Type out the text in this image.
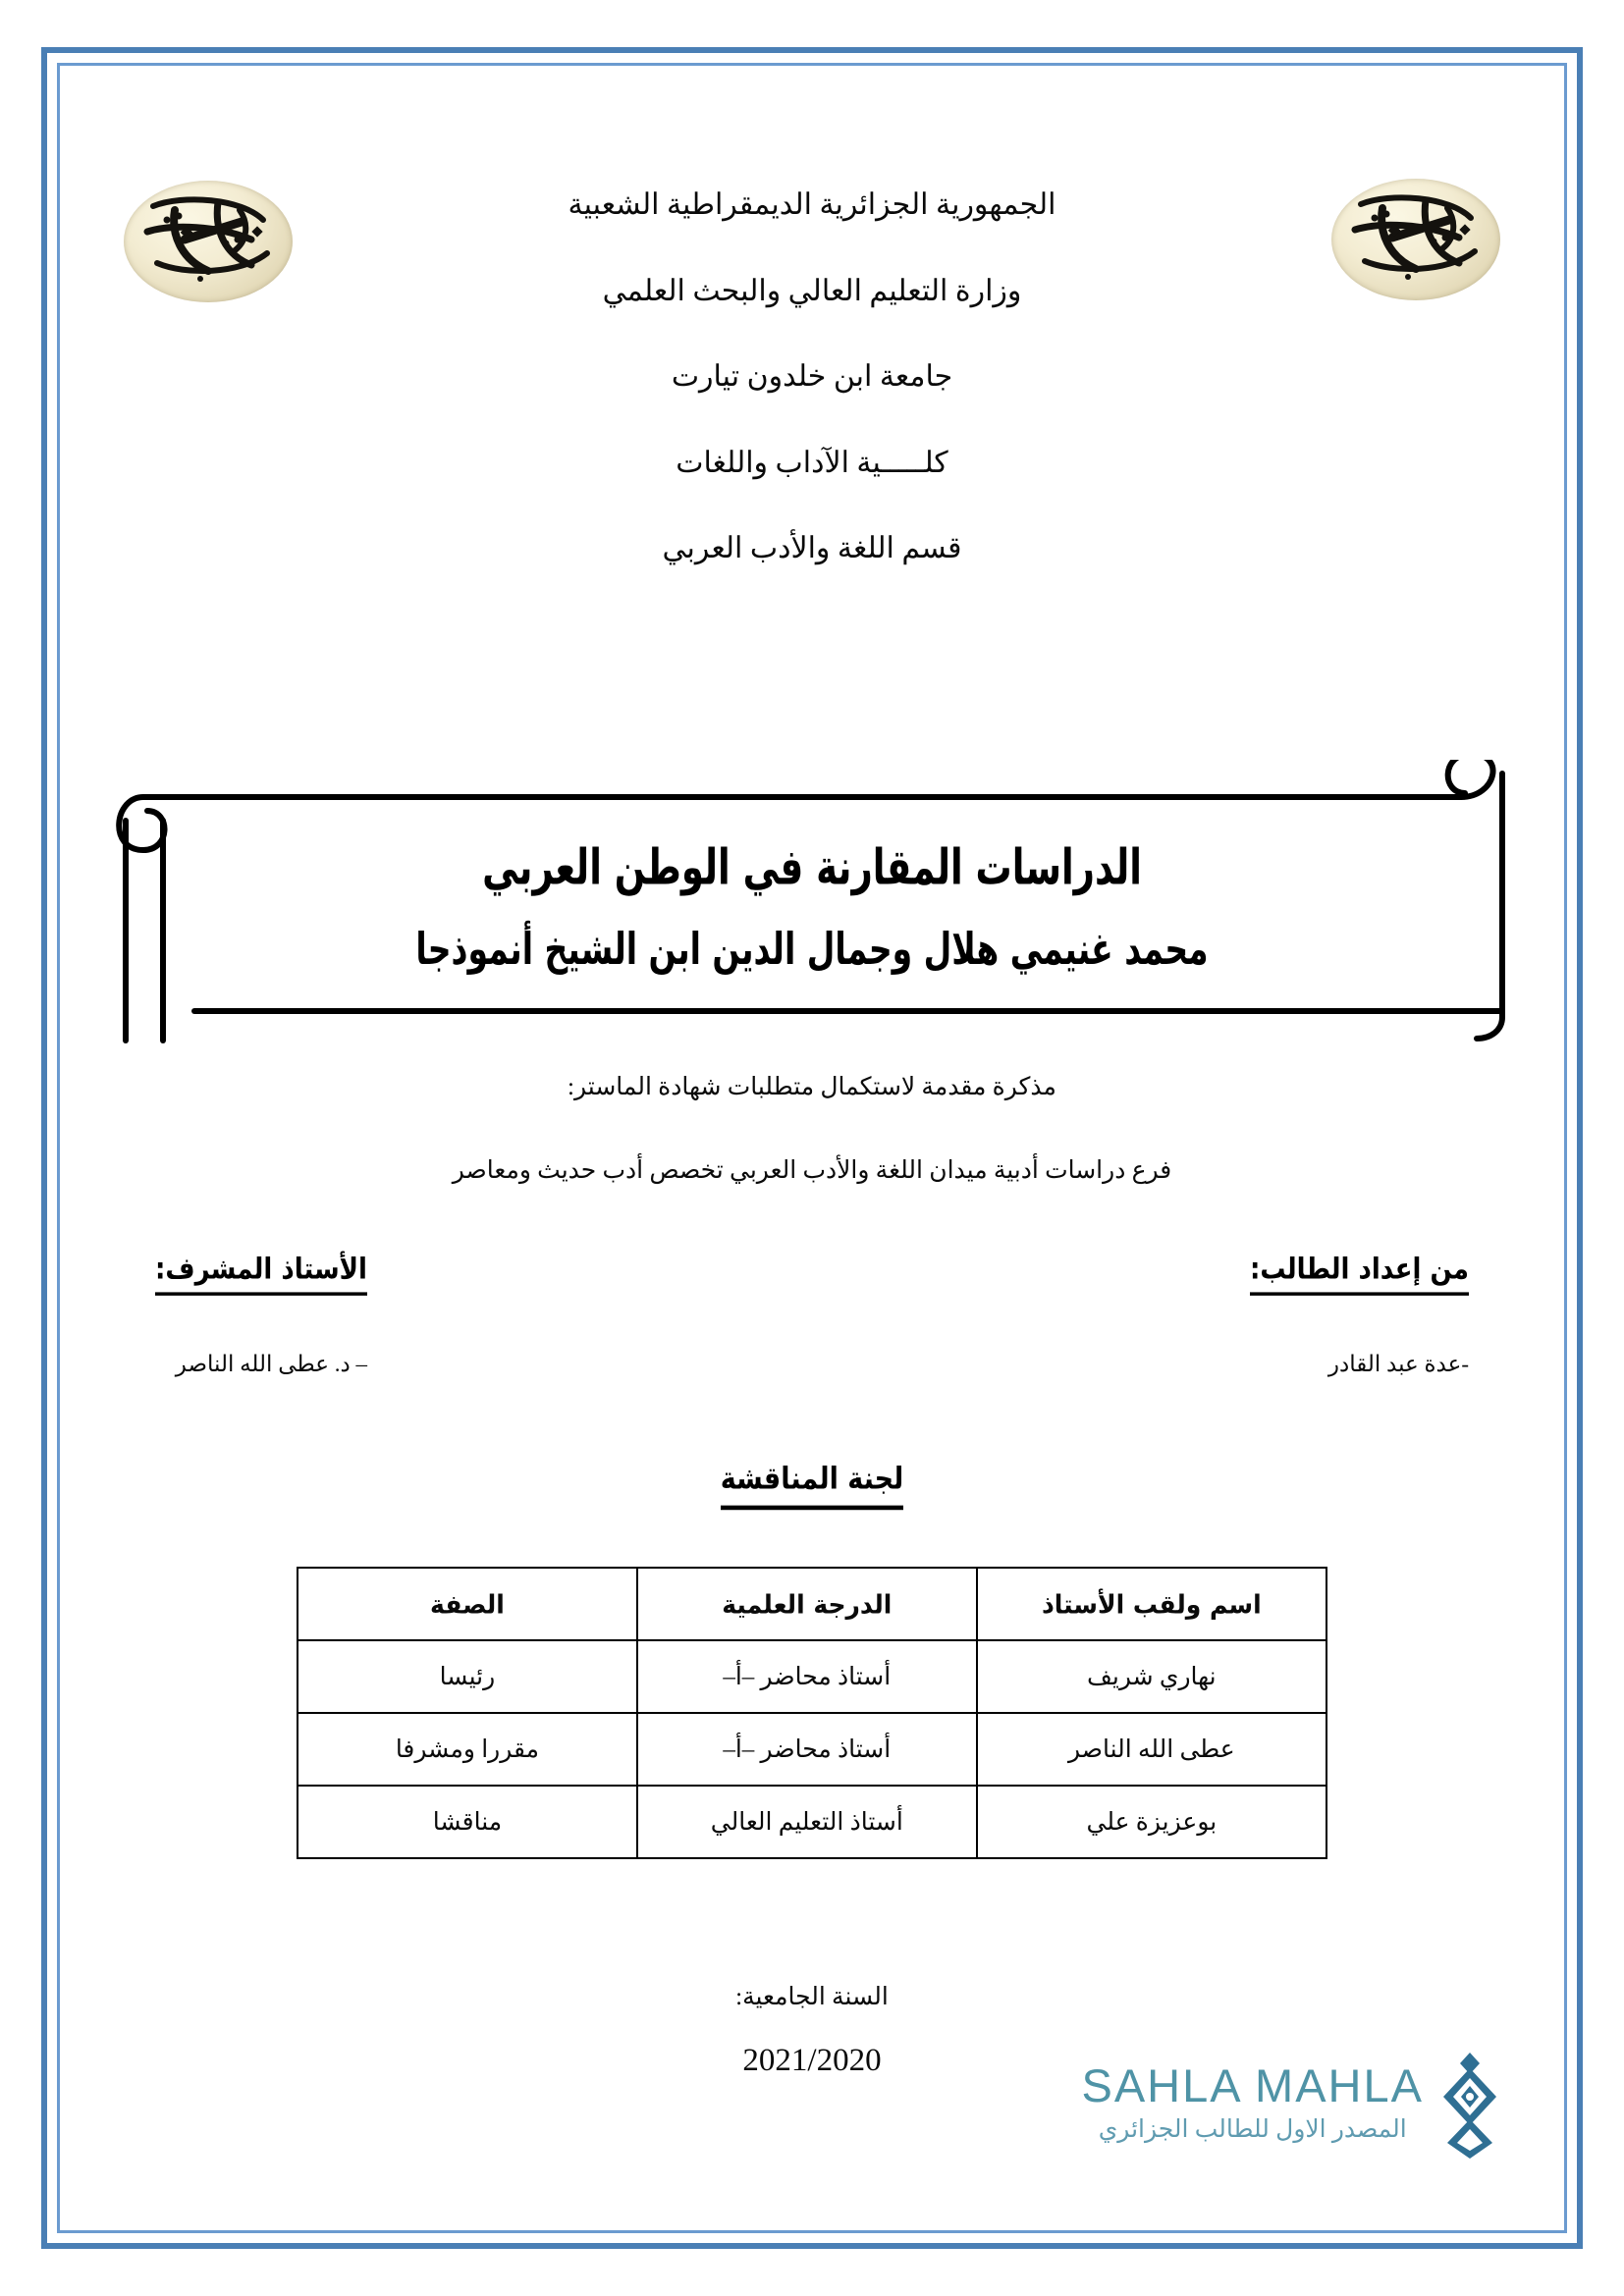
الجمهورية الجزائرية الديمقراطية الشعبية
وزارة التعليم العالي والبحث العلمي
جامعة ابن خلدون تيارت
كلـــــية الآداب واللغات
قسم اللغة والأدب العربي
الدراسات المقارنة في الوطن العربي
محمد غنيمي هلال وجمال الدين ابن الشيخ أنموذجا
مذكرة مقدمة لاستكمال متطلبات شهادة الماستر:
فرع دراسات أدبية ميدان اللغة والأدب العربي تخصص أدب حديث ومعاصر
من إعداد الطالب:
-عدة عبد القادر
الأستاذ المشرف:
– د. عطى الله الناصر
لجنة المناقشة
اسم ولقب الأستاذ	الدرجة العلمية	الصفة
نهاري شريف	أستاذ محاضر –أ–	رئيسا
عطى الله الناصر	أستاذ محاضر –أ–	مقررا ومشرفا
بوعزيزة علي	أستاذ التعليم العالي	مناقشا
السنة الجامعية:
2021/2020	SAHLA MAHLA
المصدر الاول للطالب الجزائري
